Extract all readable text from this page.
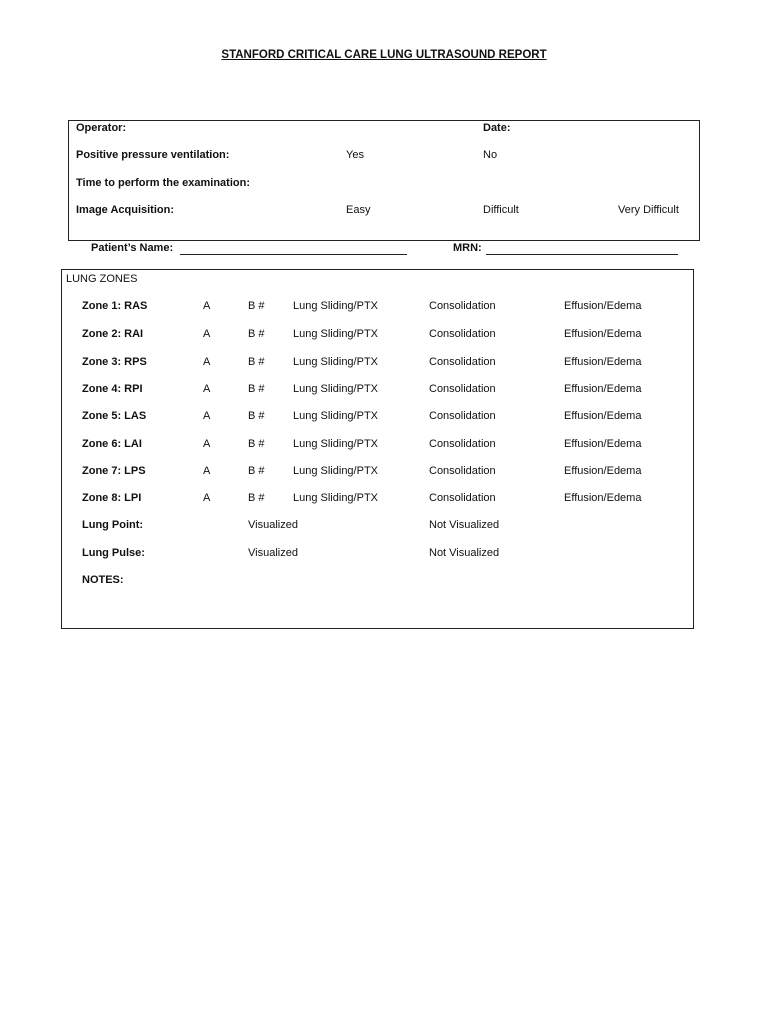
STANFORD CRITICAL CARE LUNG ULTRASOUND REPORT
Operator:	Date:
Positive pressure ventilation:	Yes	No
Time to perform the examination:
Image Acquisition:	Easy	Difficult	Very Difficult
Patient’s Name:	MRN:
LUNG ZONES
Zone 1: RAS	A	B #	Lung Sliding/PTX	Consolidation	Effusion/Edema
Zone 2: RAI	A	B #	Lung Sliding/PTX	Consolidation	Effusion/Edema
Zone 3: RPS	A	B #	Lung Sliding/PTX	Consolidation	Effusion/Edema
Zone 4: RPI	A	B #	Lung Sliding/PTX	Consolidation	Effusion/Edema
Zone 5: LAS	A	B #	Lung Sliding/PTX	Consolidation	Effusion/Edema
Zone 6: LAI	A	B #	Lung Sliding/PTX	Consolidation	Effusion/Edema
Zone 7: LPS	A	B #	Lung Sliding/PTX	Consolidation	Effusion/Edema
Zone 8: LPI	A	B #	Lung Sliding/PTX	Consolidation	Effusion/Edema
Lung Point:	Visualized	Not Visualized
Lung Pulse:	Visualized	Not Visualized
NOTES:
